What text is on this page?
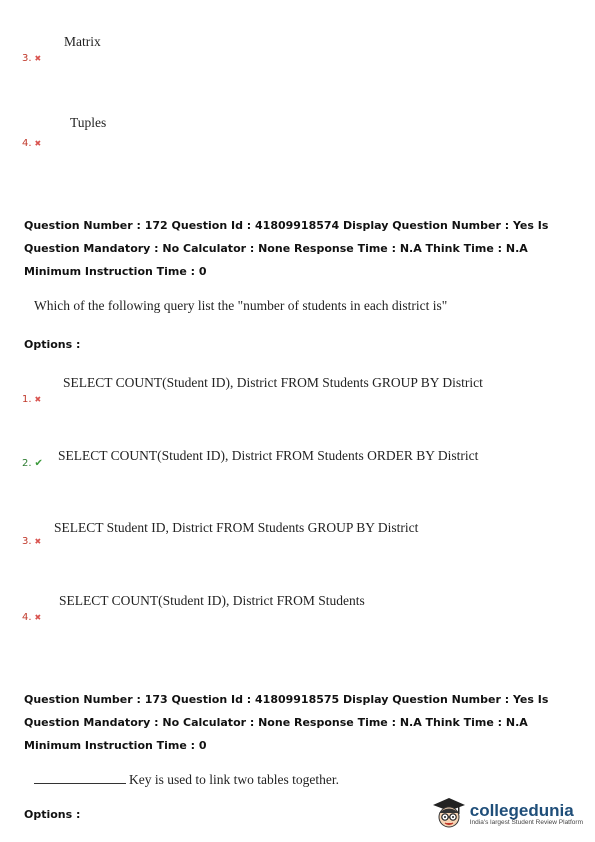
Matrix
3. ✖
Tuples
4. ✖
Question Number : 172 Question Id : 41809918574 Display Question Number : Yes Is Question Mandatory : No Calculator : None Response Time : N.A Think Time : N.A Minimum Instruction Time : 0
Which of the following query list the "number of students in each district is"
Options :
SELECT COUNT(Student ID), District FROM Students GROUP BY District
1. ✖
SELECT COUNT(Student ID), District FROM Students ORDER BY District
2. ✔
SELECT Student ID, District FROM Students GROUP BY District
3. ✖
SELECT COUNT(Student ID), District FROM Students
4. ✖
Question Number : 173 Question Id : 41809918575 Display Question Number : Yes Is Question Mandatory : No Calculator : None Response Time : N.A Think Time : N.A Minimum Instruction Time : 0
Key is used to link two tables together.
Options :	collegedunia
India's largest Student Review Platform
